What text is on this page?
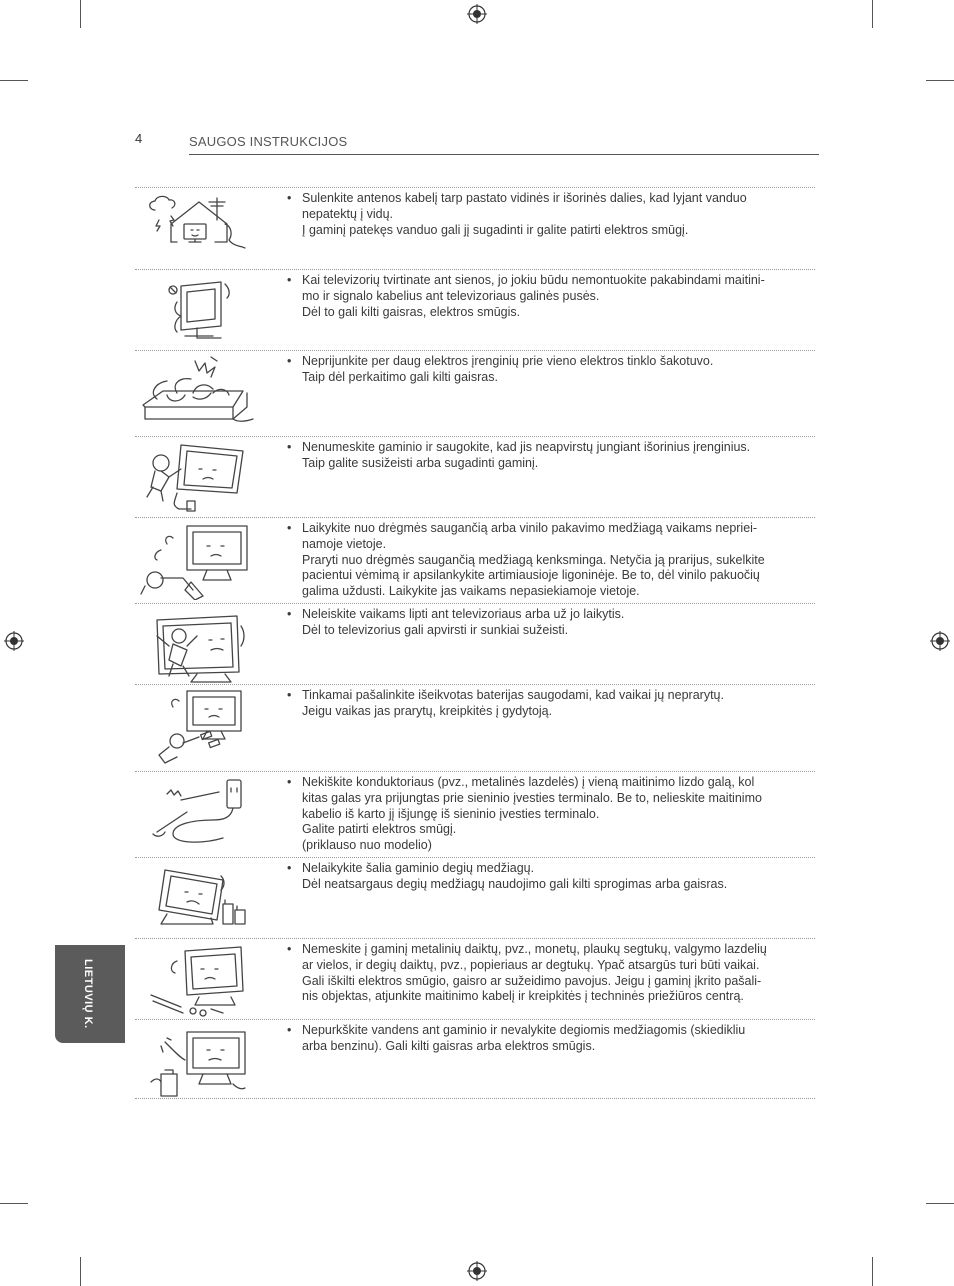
4	SAUGOS INSTRUKCIJOS
LIETUVIŲ K.
• Sulenkite antenos kabelį tarp pastato vidinės ir išorinės dalies, kad lyjant vanduo
nepatektų į vidų.
Į gaminį patekęs vanduo gali jį sugadinti ir galite patirti elektros smūgį.
• Kai televizorių tvirtinate ant sienos, jo jokiu būdu nemontuokite pakabindami maitini-
mo ir signalo kabelius ant televizoriaus galinės pusės.
Dėl to gali kilti gaisras, elektros smūgis.
• Neprijunkite per daug elektros įrenginių prie vieno elektros tinklo šakotuvo.
Taip dėl perkaitimo gali kilti gaisras.
• Nenumeskite gaminio ir saugokite, kad jis neapvirstų jungiant išorinius įrenginius.
Taip galite susižeisti arba sugadinti gaminį.
• Laikykite nuo drėgmės saugančią arba vinilo pakavimo medžiagą vaikams nepriei-
namoje vietoje.
Praryti nuo drėgmės saugančią medžiagą kenksminga. Netyčia ją prarijus, sukelkite
pacientui vėmimą ir apsilankykite artimiausioje ligoninėje. Be to, dėl vinilo pakuočių
galima uždusti. Laikykite jas vaikams nepasiekiamoje vietoje.
• Neleiskite vaikams lipti ant televizoriaus arba už jo laikytis.
Dėl to televizorius gali apvirsti ir sunkiai sužeisti.
• Tinkamai pašalinkite išeikvotas baterijas saugodami, kad vaikai jų neprarytų.
Jeigu vaikas jas prarytų, kreipkitės į gydytoją.
• Nekiškite konduktoriaus (pvz., metalinės lazdelės) į vieną maitinimo lizdo galą, kol
kitas galas yra prijungtas prie sieninio įvesties terminalo. Be to, nelieskite maitinimo
kabelio iš karto jį išjungę iš sieninio įvesties terminalo.
Galite patirti elektros smūgį.
(priklauso nuo modelio)
• Nelaikykite šalia gaminio degių medžiagų.
Dėl neatsargaus degių medžiagų naudojimo gali kilti sprogimas arba gaisras.
• Nemeskite į gaminį metalinių daiktų, pvz., monetų, plaukų segtukų, valgymo lazdelių
ar vielos, ir degių daiktų, pvz., popieriaus ar degtukų. Ypač atsargūs turi būti vaikai.
Gali iškilti elektros smūgio, gaisro ar sužeidimo pavojus. Jeigu į gaminį įkrito pašali-
nis objektas, atjunkite maitinimo kabelį ir kreipkitės į techninės priežiūros centrą.
• Nepurkškite vandens ant gaminio ir nevalykite degiomis medžiagomis (skiedikliu
arba benzinu). Gali kilti gaisras arba elektros smūgis.
